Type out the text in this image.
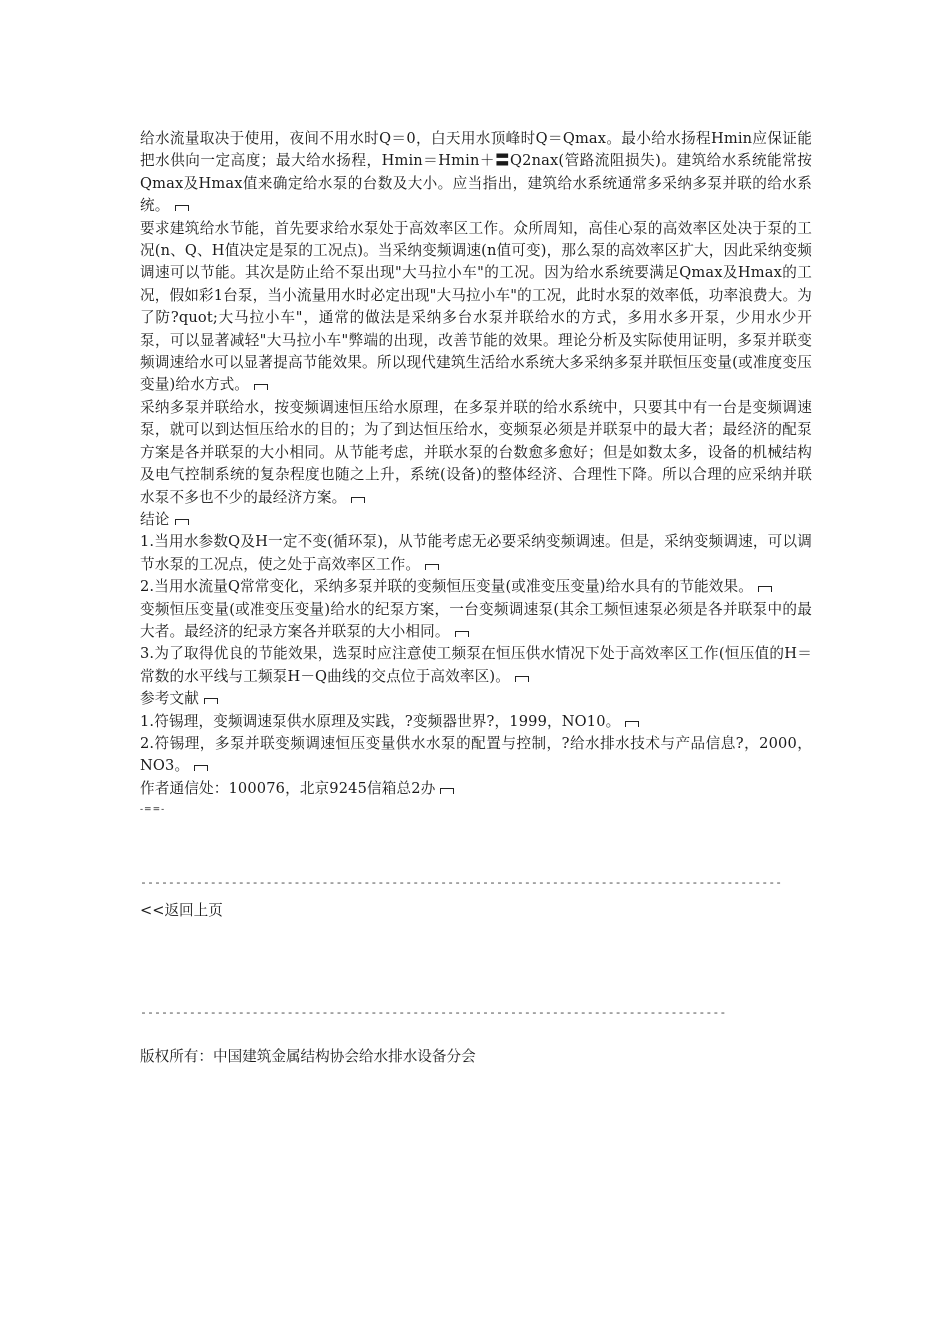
给水流量取决于使用，夜间不用水时Q＝0，白天用水顶峰时Q＝Qmax。最小给水扬程Hmin应保证能把水供向一定高度；最大给水扬程，Hmin＝Hmin＋〓Q2nax(管路流阻损失)。建筑给水系统能常按Qmax及Hmax值来确定给水泵的台数及大小。应当指出，建筑给水系统通常多采纳多泵并联的给水系统。

要求建筑给水节能，首先要求给水泵处于高效率区工作。众所周知，高佳心泵的高效率区处决于泵的工况(n、Q、H值决定是泵的工况点)。当采纳变频调速(n值可变)，那么泵的高效率区扩大，因此采纳变频调速可以节能。其次是防止给不泵出现"大马拉小车"的工况。因为给水系统要满足Qmax及Hmax的工况，假如彩1台泵，当小流量用水时必定出现"大马拉小车"的工况，此时水泵的效率低，功率浪费大。为了防?quot;大马拉小车"，通常的做法是采纳多台水泵并联给水的方式，多用水多开泵，少用水少开泵，可以显著减轻"大马拉小车"弊端的出现，改善节能的效果。理论分析及实际使用证明，多泵并联变频调速给水可以显著提高节能效果。所以现代建筑生活给水系统大多采纳多泵并联恒压变量(或准度变压变量)给水方式。

采纳多泵并联给水，按变频调速恒压给水原理，在多泵并联的给水系统中，只要其中有一台是变频调速泵，就可以到达恒压给水的目的；为了到达恒压给水，变频泵必须是并联泵中的最大者；最经济的配泵方案是各并联泵的大小相同。从节能考虑，并联水泵的台数愈多愈好；但是如数太多，设备的机械结构及电气控制系统的复杂程度也随之上升，系统(设备)的整体经济、合理性下降。所以合理的应采纳并联水泵不多也不少的最经济方案。

结论

1.当用水参数Q及H一定不变(循环泵)，从节能考虑无必要采纳变频调速。但是，采纳变频调速，可以调节水泵的工况点，使之处于高效率区工作。

2.当用水流量Q常常变化，采纳多泵并联的变频恒压变量(或准变压变量)给水具有的节能效果。

变频恒压变量(或准变压变量)给水的纪泵方案，一台变频调速泵(其余工频恒速泵必须是各并联泵中的最大者。最经济的纪录方案各并联泵的大小相同。

3.为了取得优良的节能效果，选泵时应注意使工频泵在恒压供水情况下处于高效率区工作(恒压值的H＝常数的水平线与工频泵H－Q曲线的交点位于高效率区)。

参考文献

1.符锡理，变频调速泵供水原理及实践，?变频器世界?，1999，NO10。

2.符锡理，多泵并联变频调速恒压变量供水水泵的配置与控制，?给水排水技术与产品信息?，2000，NO3。

作者通信处：100076，北京9245信箱总2办

-==-
--------------------------------------------------------------------------------------------
<<返回上页
------------------------------------------------------------------------------------
版权所有：中国建筑金属结构协会给水排水设备分会
